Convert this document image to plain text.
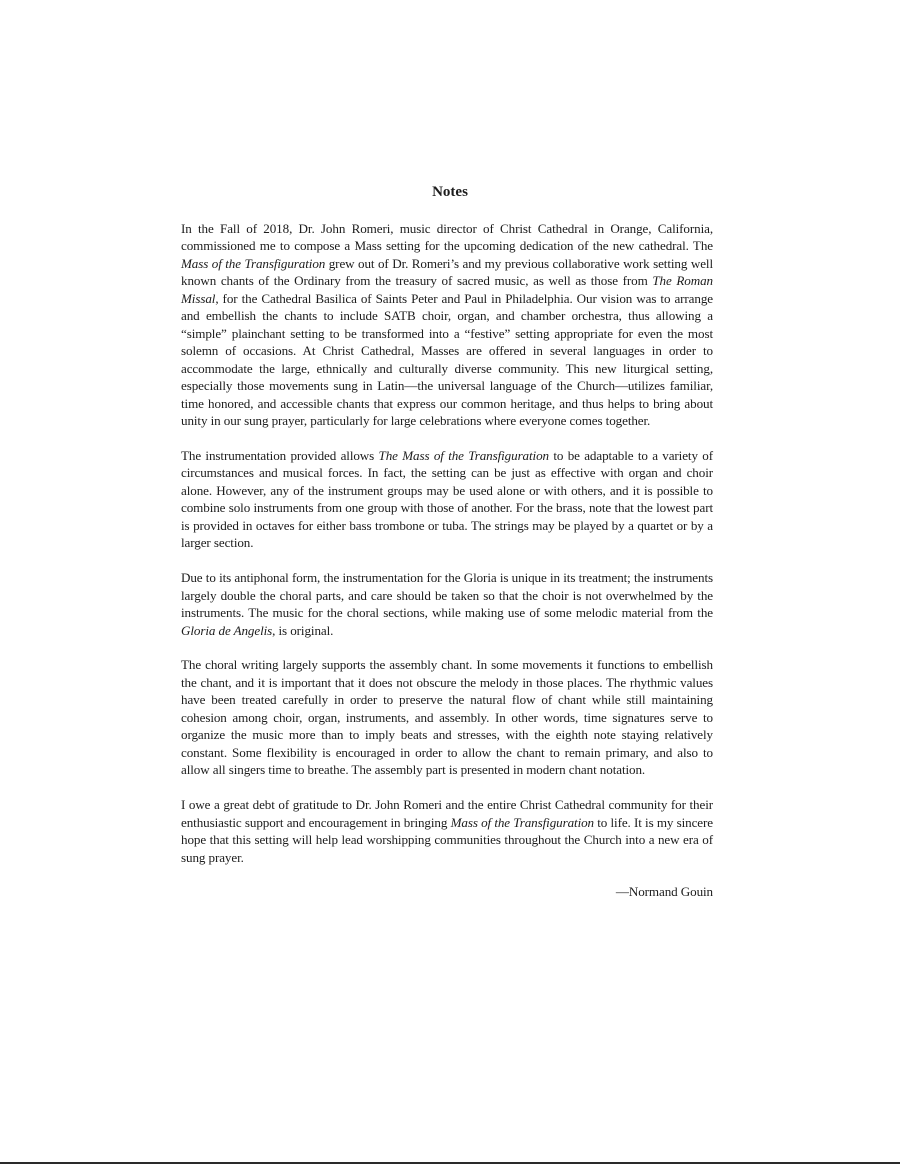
Notes

In the Fall of 2018, Dr. John Romeri, music director of Christ Cathedral in Orange, California, commissioned me to compose a Mass setting for the upcoming dedication of the new cathedral. The Mass of the Transfiguration grew out of Dr. Romeri’s and my previous collaborative work setting well known chants of the Ordinary from the treasury of sacred music, as well as those from The Roman Missal, for the Cathedral Basilica of Saints Peter and Paul in Philadelphia. Our vision was to arrange and embellish the chants to include SATB choir, organ, and chamber orchestra, thus allowing a “simple” plainchant setting to be transformed into a “festive” setting appropriate for even the most solemn of occasions. At Christ Cathedral, Masses are offered in several languages in order to accommodate the large, ethnically and culturally diverse community. This new liturgical setting, especially those movements sung in Latin—the universal language of the Church—utilizes familiar, time honored, and accessible chants that express our common heritage, and thus helps to bring about unity in our sung prayer, particularly for large celebrations where everyone comes together.

The instrumentation provided allows The Mass of the Transfiguration to be adaptable to a variety of circumstances and musical forces. In fact, the setting can be just as effective with organ and choir alone. However, any of the instrument groups may be used alone or with others, and it is possible to combine solo instruments from one group with those of another. For the brass, note that the lowest part is provided in octaves for either bass trombone or tuba. The strings may be played by a quartet or by a larger section.

Due to its antiphonal form, the instrumentation for the Gloria is unique in its treatment; the instruments largely double the choral parts, and care should be taken so that the choir is not overwhelmed by the instruments. The music for the choral sections, while making use of some melodic material from the Gloria de Angelis, is original.

The choral writing largely supports the assembly chant. In some movements it functions to embellish the chant, and it is important that it does not obscure the melody in those places. The rhythmic values have been treated carefully in order to preserve the natural flow of chant while still maintaining cohesion among choir, organ, instruments, and assembly. In other words, time signatures serve to organize the music more than to imply beats and stresses, with the eighth note staying relatively constant. Some flexibility is encouraged in order to allow the chant to remain primary, and also to allow all singers time to breathe. The assembly part is presented in modern chant notation.

I owe a great debt of gratitude to Dr. John Romeri and the entire Christ Cathedral community for their enthusiastic support and encouragement in bringing Mass of the Transfiguration to life. It is my sincere hope that this setting will help lead worshipping communities throughout the Church into a new era of sung prayer.

—Normand Gouin
